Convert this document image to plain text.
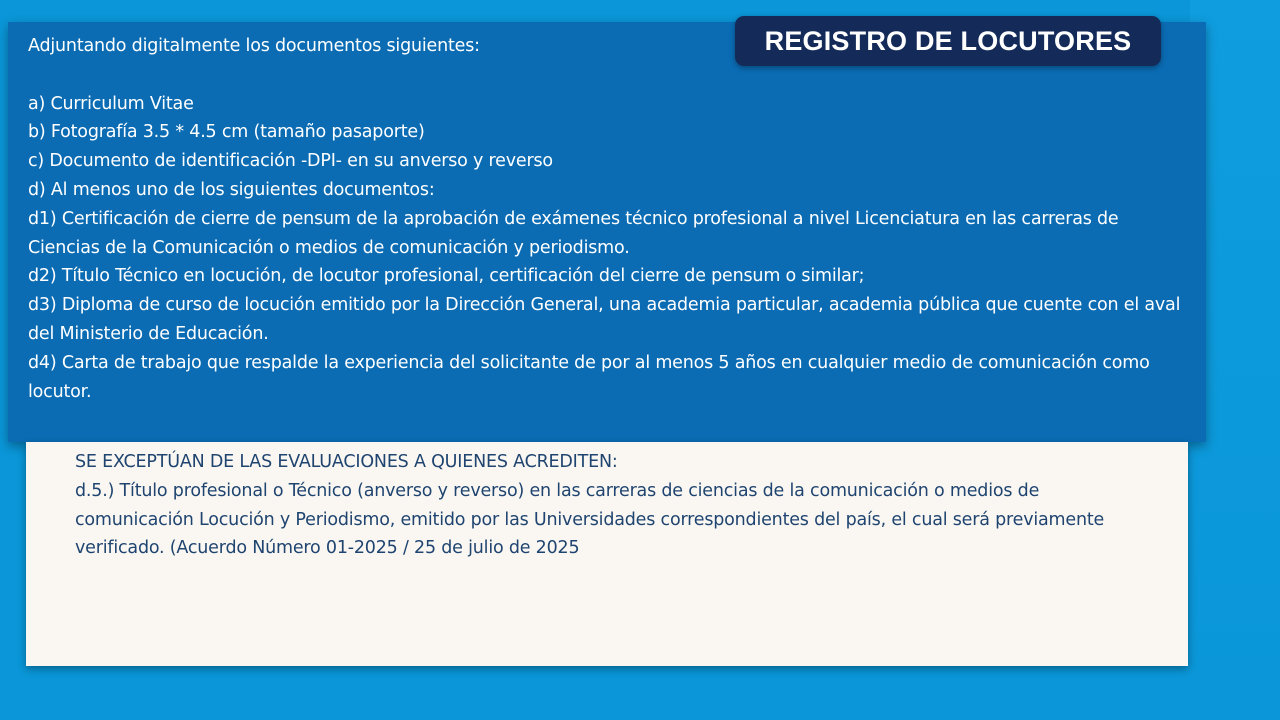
Adjuntando digitalmente los documentos siguientes:

a) Curriculum Vitae

b) Fotografía 3.5 * 4.5 cm (tamaño pasaporte)

c) Documento de identificación -DPI- en su anverso y reverso

d) Al menos uno de los siguientes documentos:

d1) Certificación de cierre de pensum de la aprobación de exámenes técnico profesional a nivel Licenciatura en las carreras de Ciencias de la Comunicación o medios de comunicación y periodismo.

d2) Título Técnico en locución, de locutor profesional, certificación del cierre de pensum o similar;

d3) Diploma de curso de locución emitido por la Dirección General, una academia particular, academia pública que cuente con el aval del Ministerio de Educación.

d4) Carta de trabajo que respalde la experiencia del solicitante de por al menos 5 años en cualquier medio de comunicación como locutor.

REGISTRO DE LOCUTORES

SE EXCEPTÚAN DE LAS EVALUACIONES A QUIENES ACREDITEN:

d.5.) Título profesional o Técnico (anverso y reverso) en las carreras de ciencias de la comunicación o medios de comunicación Locución y Periodismo, emitido por las Universidades correspondientes del país, el cual será previamente verificado. (Acuerdo Número 01-2025 / 25 de julio de 2025
